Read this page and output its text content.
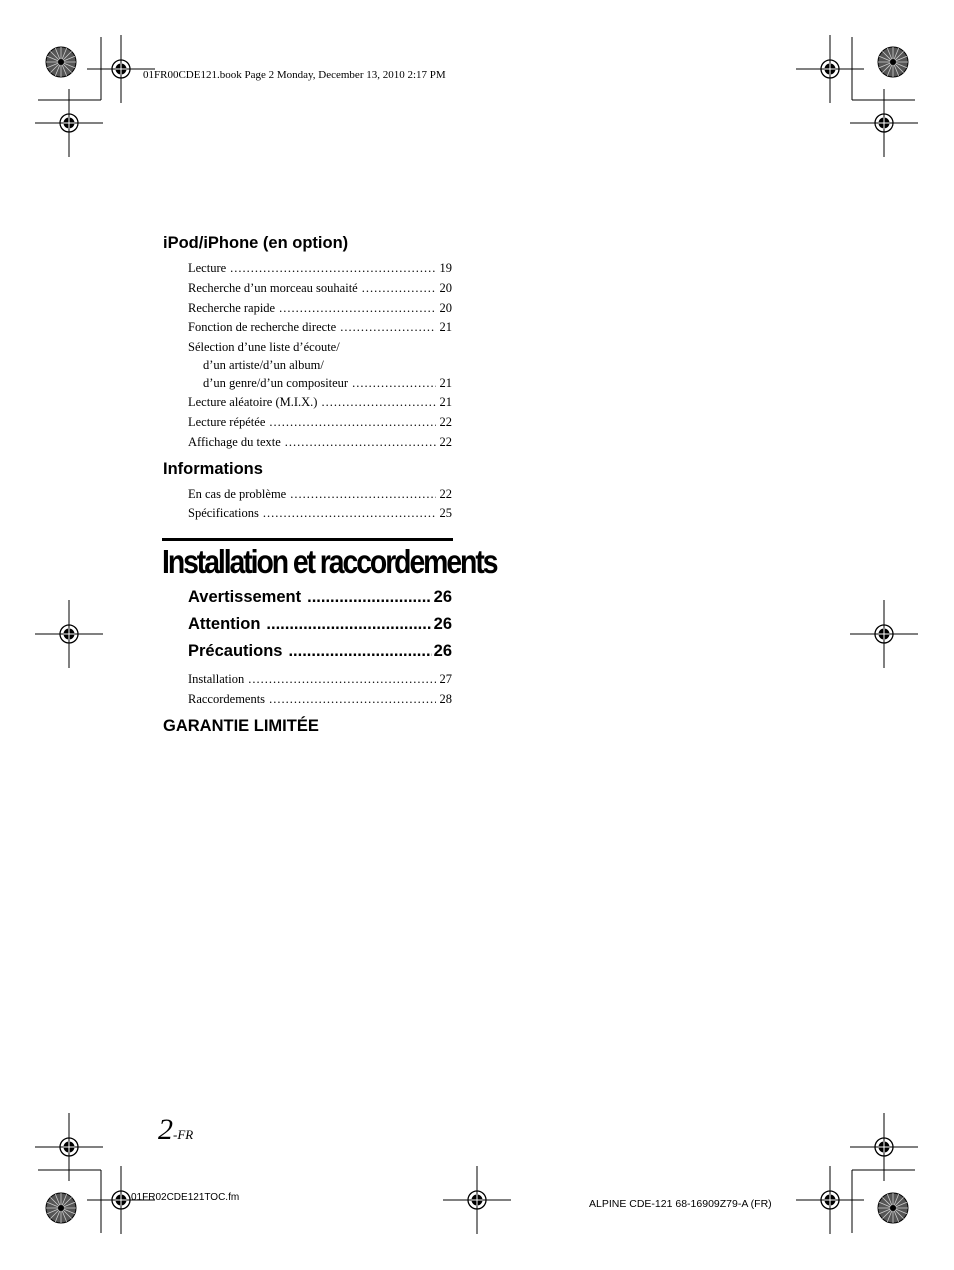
01FR00CDE121.book Page 2 Monday, December 13, 2010 2:17 PM
iPod/iPhone (en option)
Lecture .....	19
Recherche d’un morceau souhaité .....	20
Recherche rapide .....	20
Fonction de recherche directe .....	21
Sélection d’une liste d’écoute/
d’un artiste/d’un album/
d’un genre/d’un compositeur .....	21
Lecture aléatoire (M.I.X.) .....	21
Lecture répétée .....	22
Affichage du texte .....	22
Informations
En cas de problème .....	22
Spécifications .....	25
Installation et raccordements
Avertissement .....	26
Attention .....	26
Précautions .....	26
Installation .....	27
Raccordements .....	28
GARANTIE LIMITÉE
2-FR
01FR02CDE121TOC.fm
ALPINE CDE-121 68-16909Z79-A (FR)
